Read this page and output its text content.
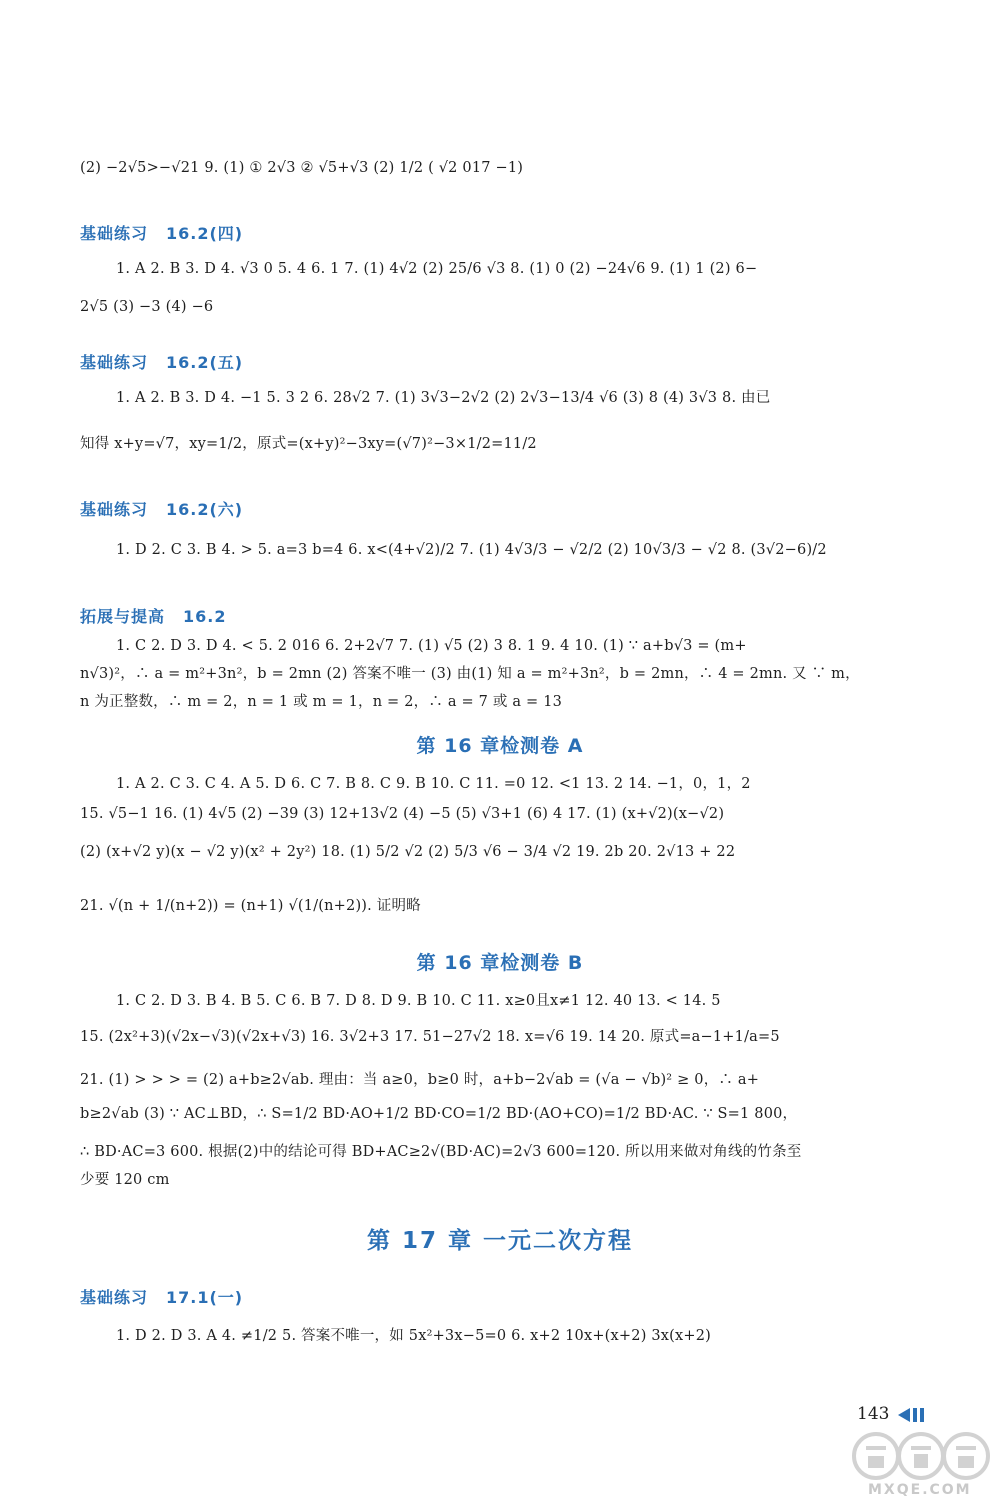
(2) −2√5>−√21 9. (1) ① 2√3 ② √5+√3 (2) 1/2 ( √2 017 −1)
基础练习 16.2(四)
1. A 2. B 3. D 4. √3 0 5. 4 6. 1 7. (1) 4√2 (2) 25/6 √3 8. (1) 0 (2) −24√6 9. (1) 1 (2) 6−
2√5 (3) −3 (4) −6
基础练习 16.2(五)
1. A 2. B 3. D 4. −1 5. 3 2 6. 28√2 7. (1) 3√3−2√2 (2) 2√3−13/4 √6 (3) 8 (4) 3√3 8. 由已
知得 x+y=√7，xy=1/2，原式=(x+y)²−3xy=(√7)²−3×1/2=11/2
基础练习 16.2(六)
1. D 2. C 3. B 4. > 5. a=3 b=4 6. x<(4+√2)/2 7. (1) 4√3/3 − √2/2 (2) 10√3/3 − √2 8. (3√2−6)/2
拓展与提高 16.2
1. C 2. D 3. D 4. < 5. 2 016 6. 2+2√7 7. (1) √5 (2) 3 8. 1 9. 4 10. (1) ∵ a+b√3 = (m+
n√3)²，∴ a = m²+3n²，b = 2mn (2) 答案不唯一 (3) 由(1) 知 a = m²+3n²，b = 2mn，∴ 4 = 2mn. 又 ∵ m，
n 为正整数，∴ m = 2，n = 1 或 m = 1，n = 2，∴ a = 7 或 a = 13
第 16 章检测卷 A
1. A 2. C 3. C 4. A 5. D 6. C 7. B 8. C 9. B 10. C 11. =0 12. <1 13. 2 14. −1，0，1，2
15. √5−1 16. (1) 4√5 (2) −39 (3) 12+13√2 (4) −5 (5) √3+1 (6) 4 17. (1) (x+√2)(x−√2)
(2) (x+√2 y)(x − √2 y)(x² + 2y²) 18. (1) 5/2 √2 (2) 5/3 √6 − 3/4 √2 19. 2b 20. 2√13 + 22
21. √(n + 1/(n+2)) = (n+1) √(1/(n+2)). 证明略
第 16 章检测卷 B
1. C 2. D 3. B 4. B 5. C 6. B 7. D 8. D 9. B 10. C 11. x≥0且x≠1 12. 40 13. < 14. 5
15. (2x²+3)(√2x−√3)(√2x+√3) 16. 3√2+3 17. 51−27√2 18. x=√6 19. 14 20. 原式=a−1+1/a=5
21. (1) > > > = (2) a+b≥2√ab. 理由：当 a≥0，b≥0 时，a+b−2√ab = (√a − √b)² ≥ 0，∴ a+
b≥2√ab (3) ∵ AC⊥BD，∴ S=1/2 BD·AO+1/2 BD·CO=1/2 BD·(AO+CO)=1/2 BD·AC. ∵ S=1 800，
∴ BD·AC=3 600. 根据(2)中的结论可得 BD+AC≥2√(BD·AC)=2√3 600=120. 所以用来做对角线的竹条至
少要 120 cm
第 17 章 一元二次方程
基础练习 17.1(一)
1. D 2. D 3. A 4. ≠1/2 5. 答案不唯一，如 5x²+3x−5=0 6. x+2 10x+(x+2) 3x(x+2)
143
MXQE.COM
